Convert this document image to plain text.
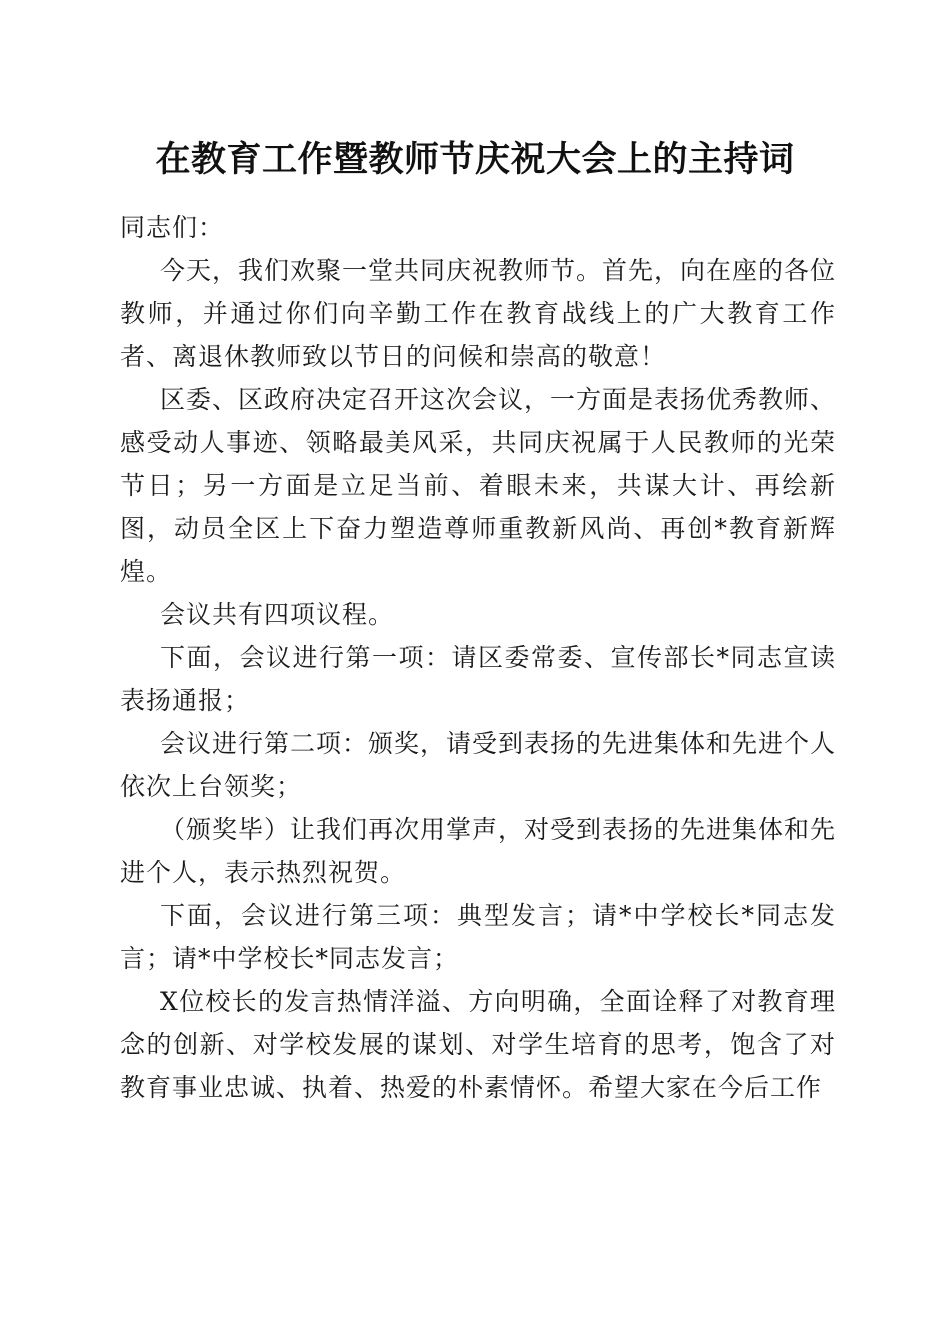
在教育工作暨教师节庆祝大会上的主持词

同志们：

今天，我们欢聚一堂共同庆祝教师节。首先，向在座的各位教师，并通过你们向辛勤工作在教育战线上的广大教育工作者、离退休教师致以节日的问候和崇高的敬意！

区委、区政府决定召开这次会议，一方面是表扬优秀教师、感受动人事迹、领略最美风采，共同庆祝属于人民教师的光荣节日；另一方面是立足当前、着眼未来，共谋大计、再绘新图，动员全区上下奋力塑造尊师重教新风尚、再创*教育新辉煌。

会议共有四项议程。

下面，会议进行第一项：请区委常委、宣传部长*同志宣读表扬通报；

会议进行第二项：颁奖，请受到表扬的先进集体和先进个人依次上台领奖；

（颁奖毕）让我们再次用掌声，对受到表扬的先进集体和先进个人，表示热烈祝贺。

下面，会议进行第三项：典型发言；请*中学校长*同志发言；请*中学校长*同志发言；

X位校长的发言热情洋溢、方向明确，全面诠释了对教育理念的创新、对学校发展的谋划、对学生培育的思考，饱含了对教育事业忠诚、执着、热爱的朴素情怀。希望大家在今后工作
